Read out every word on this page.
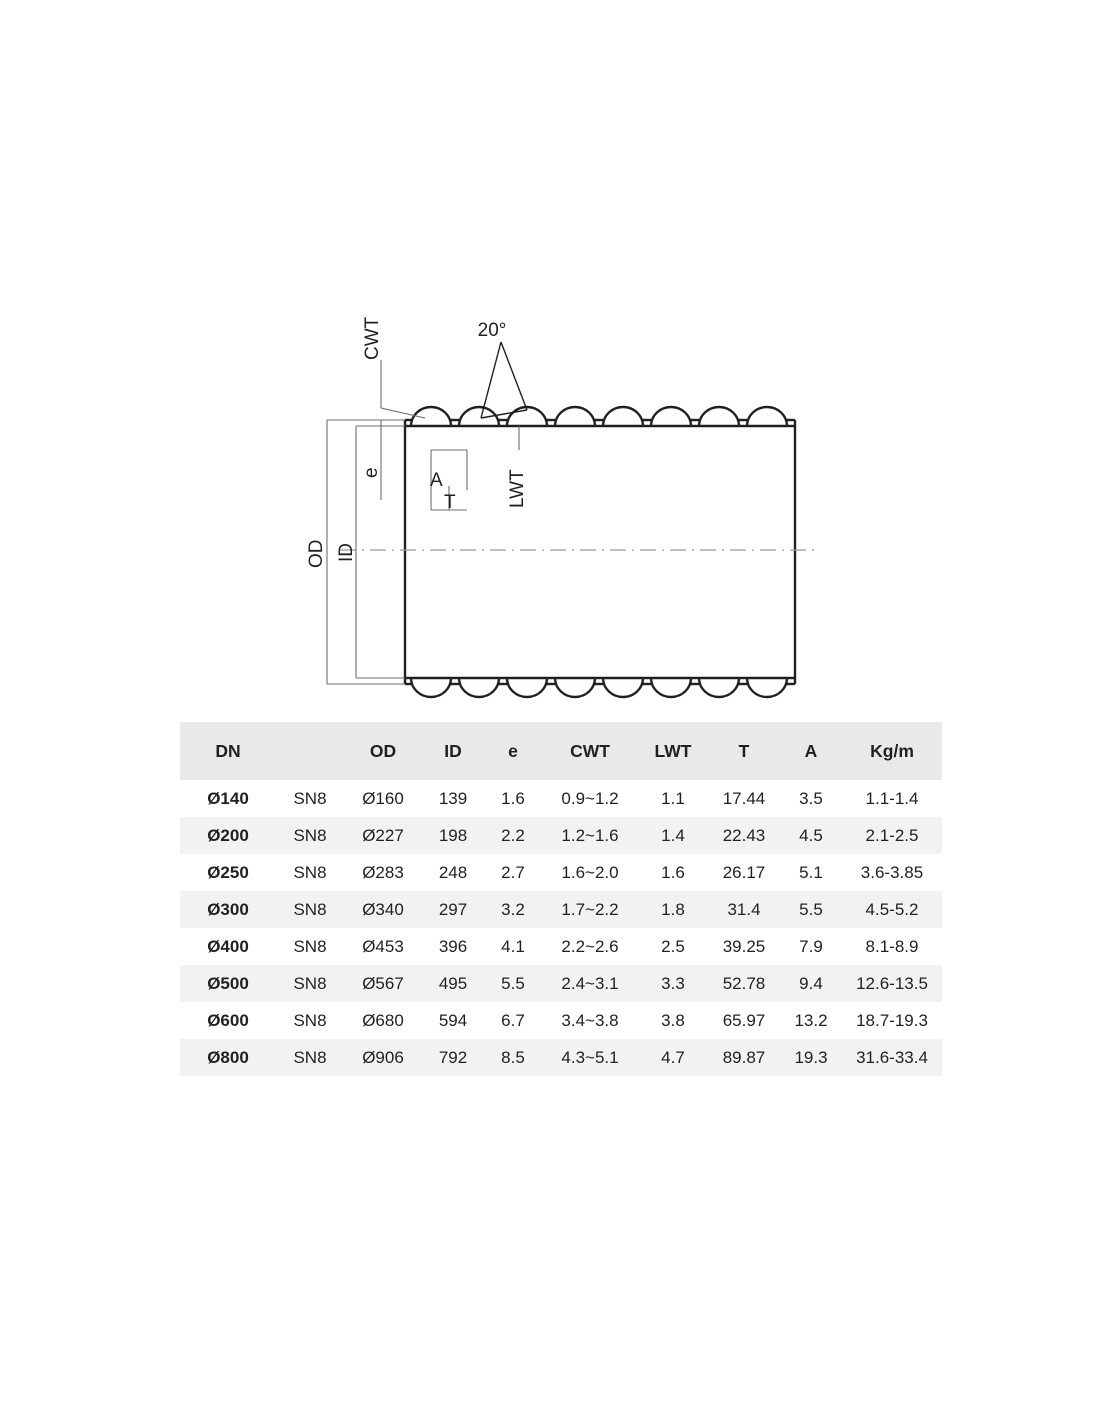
CWT	20°
e	A
T	LWT
OD ID
DN		OD	ID	e	CWT	LWT	T	A	Kg/m
Ø140	SN8	Ø160	139	1.6	0.9~1.2	1.1	17.44	3.5	1.1-1.4
Ø200	SN8	Ø227	198	2.2	1.2~1.6	1.4	22.43	4.5	2.1-2.5
Ø250	SN8	Ø283	248	2.7	1.6~2.0	1.6	26.17	5.1	3.6-3.85
Ø300	SN8	Ø340	297	3.2	1.7~2.2	1.8	31.4	5.5	4.5-5.2
Ø400	SN8	Ø453	396	4.1	2.2~2.6	2.5	39.25	7.9	8.1-8.9
Ø500	SN8	Ø567	495	5.5	2.4~3.1	3.3	52.78	9.4	12.6-13.5
Ø600	SN8	Ø680	594	6.7	3.4~3.8	3.8	65.97	13.2	18.7-19.3
Ø800	SN8	Ø906	792	8.5	4.3~5.1	4.7	89.87	19.3	31.6-33.4
